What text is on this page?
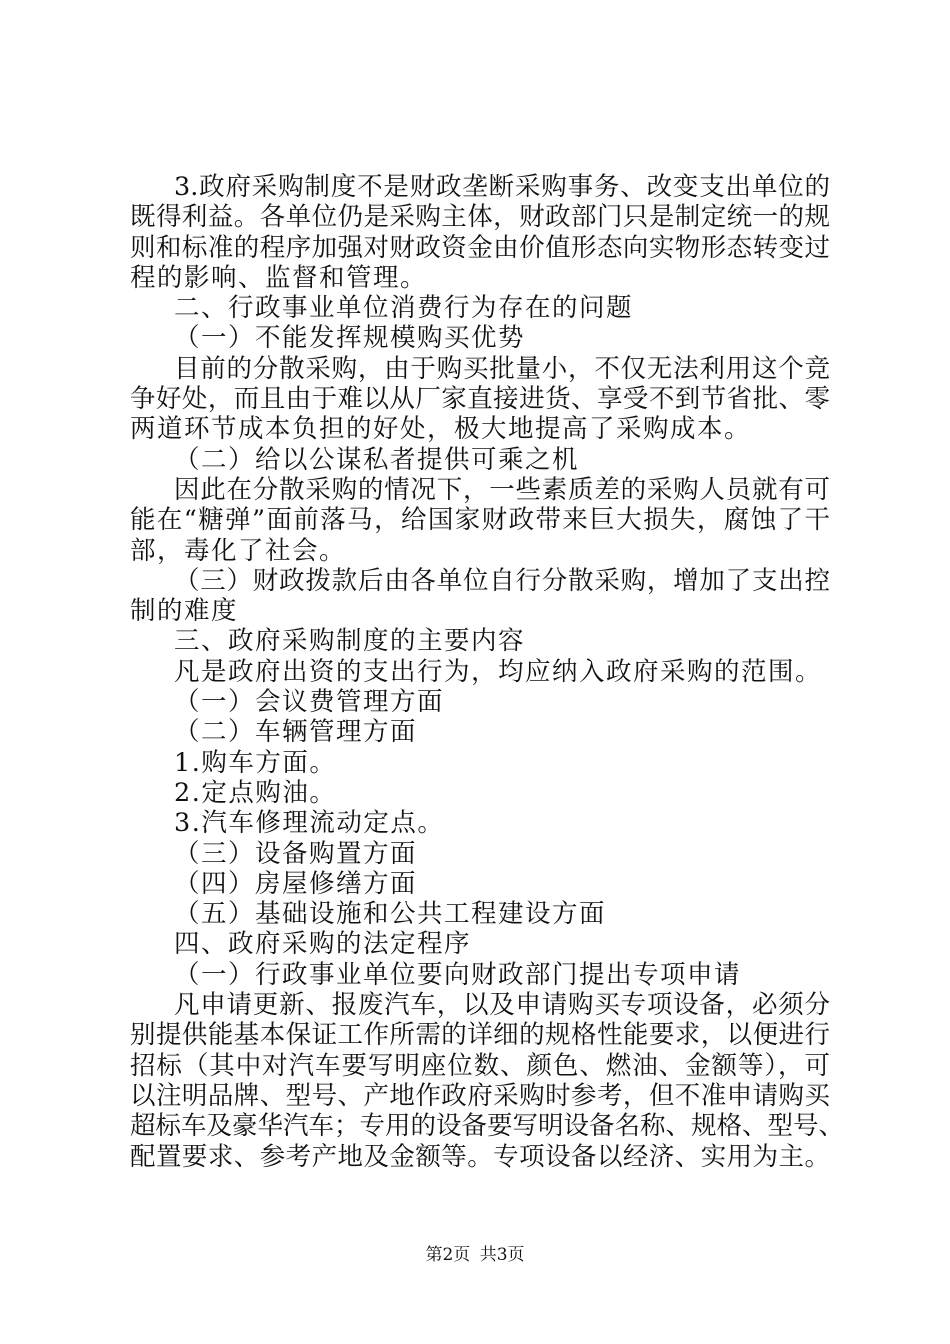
3.政府采购制度不是财政垄断采购事务、改变支出单位的
既得利益。各单位仍是采购主体，财政部门只是制定统一的规
则和标准的程序加强对财政资金由价值形态向实物形态转变过
程的影响、监督和管理。
二、行政事业单位消费行为存在的问题
（一）不能发挥规模购买优势
目前的分散采购，由于购买批量小，不仅无法利用这个竞
争好处，而且由于难以从厂家直接进货、享受不到节省批、零
两道环节成本负担的好处，极大地提高了采购成本。
（二）给以公谋私者提供可乘之机
因此在分散采购的情况下，一些素质差的采购人员就有可
能在“糖弹”面前落马，给国家财政带来巨大损失，腐蚀了干
部，毒化了社会。
（三）财政拨款后由各单位自行分散采购，增加了支出控
制的难度
三、政府采购制度的主要内容
凡是政府出资的支出行为，均应纳入政府采购的范围。
（一）会议费管理方面
（二）车辆管理方面
1.购车方面。
2.定点购油。
3.汽车修理流动定点。
（三）设备购置方面
（四）房屋修缮方面
（五）基础设施和公共工程建设方面
四、政府采购的法定程序
（一）行政事业单位要向财政部门提出专项申请
凡申请更新、报废汽车，以及申请购买专项设备，必须分
别提供能基本保证工作所需的详细的规格性能要求，以便进行
招标（其中对汽车要写明座位数、颜色、燃油、金额等），可
以注明品牌、型号、产地作政府采购时参考，但不准申请购买
超标车及豪华汽车；专用的设备要写明设备名称、规格、型号、
配置要求、参考产地及金额等。专项设备以经济、实用为主。
第2页 共3页
